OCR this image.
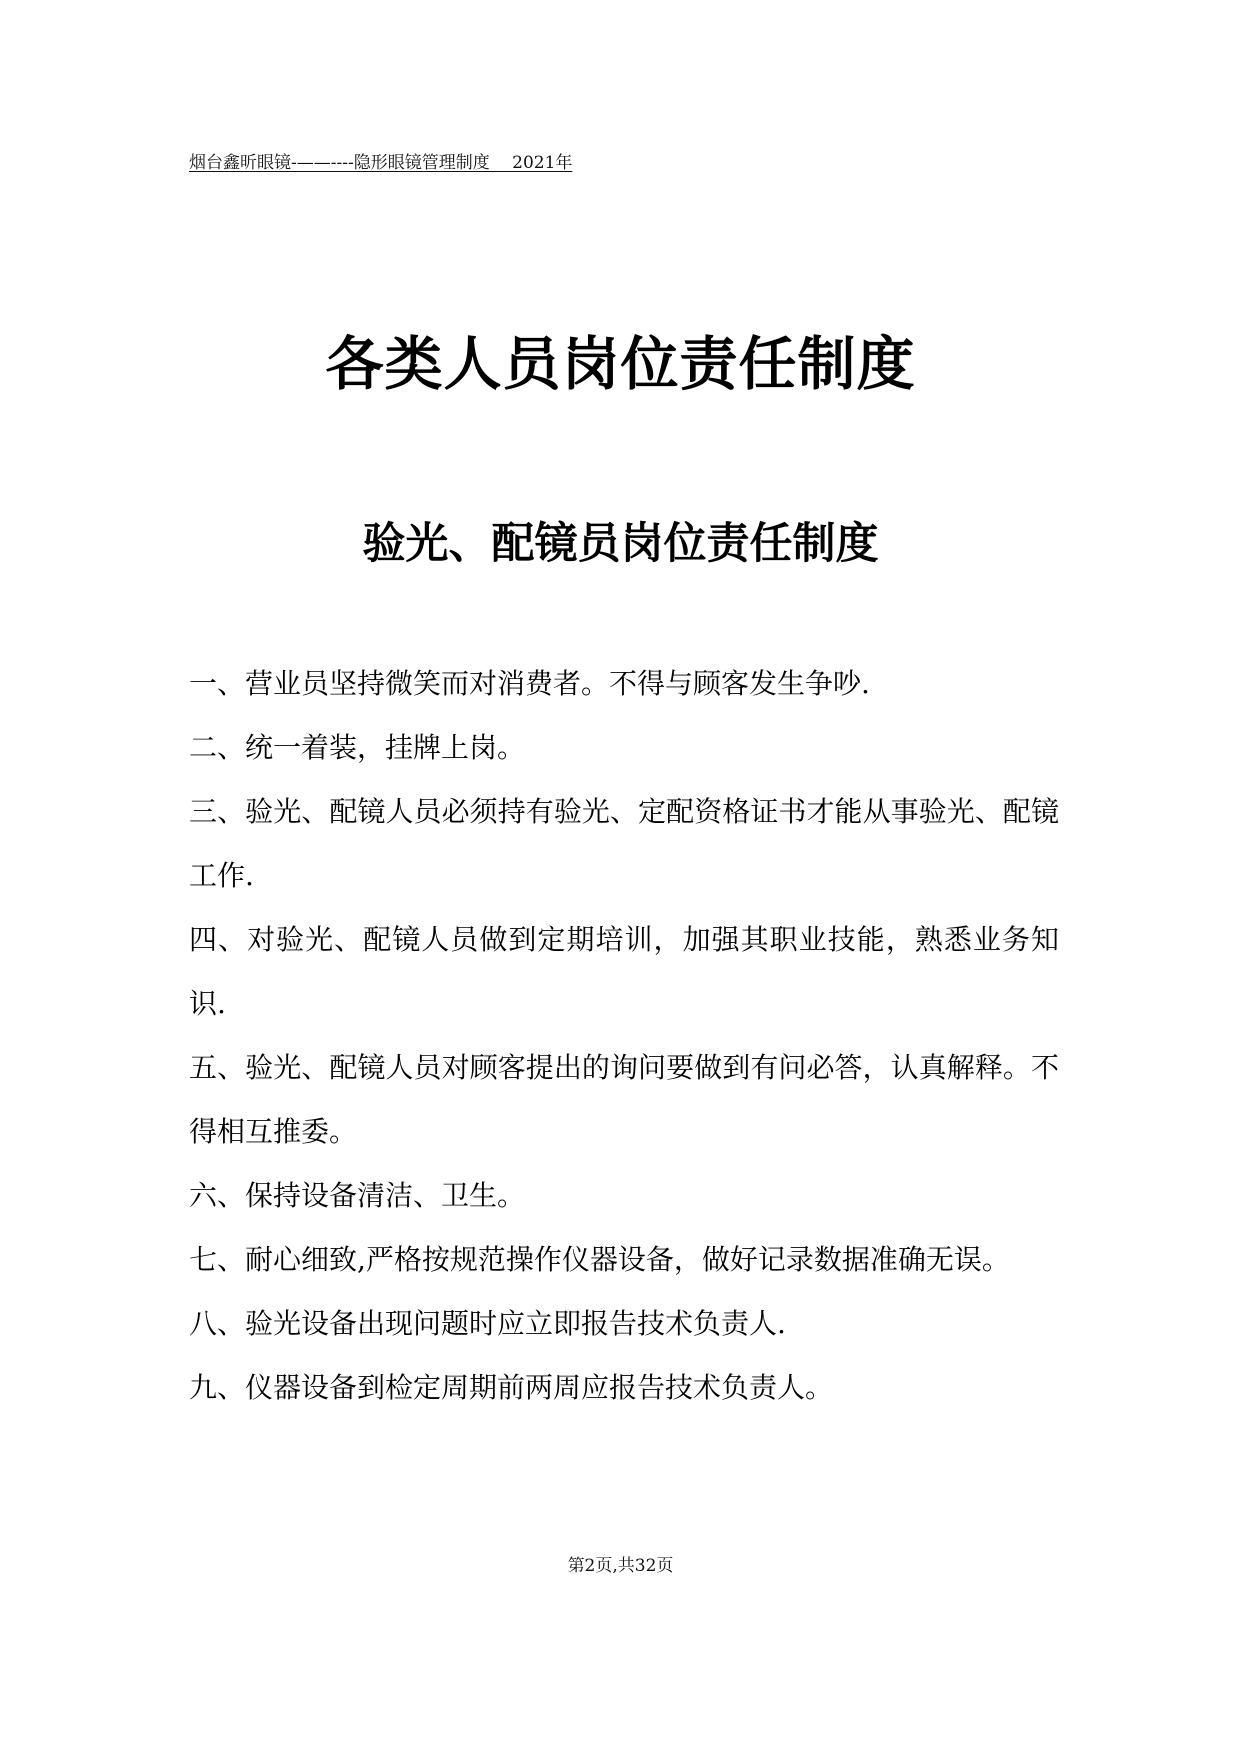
烟台鑫昕眼镜-——----隐形眼镜管理制度　 2021年
各类人员岗位责任制度
验光、配镜员岗位责任制度
一、营业员坚持微笑而对消费者。不得与顾客发生争吵.
二、统一着装，挂牌上岗。
三、验光、配镜人员必须持有验光、定配资格证书才能从事验光、配镜工作.
四、对验光、配镜人员做到定期培训，加强其职业技能，熟悉业务知识.
五、验光、配镜人员对顾客提出的询问要做到有问必答，认真解释。不得相互推委。
六、保持设备清洁、卫生。
七、耐心细致,严格按规范操作仪器设备，做好记录数据准确无误。
八、验光设备出现问题时应立即报告技术负责人.
九、仪器设备到检定周期前两周应报告技术负责人。
第2页,共32页
